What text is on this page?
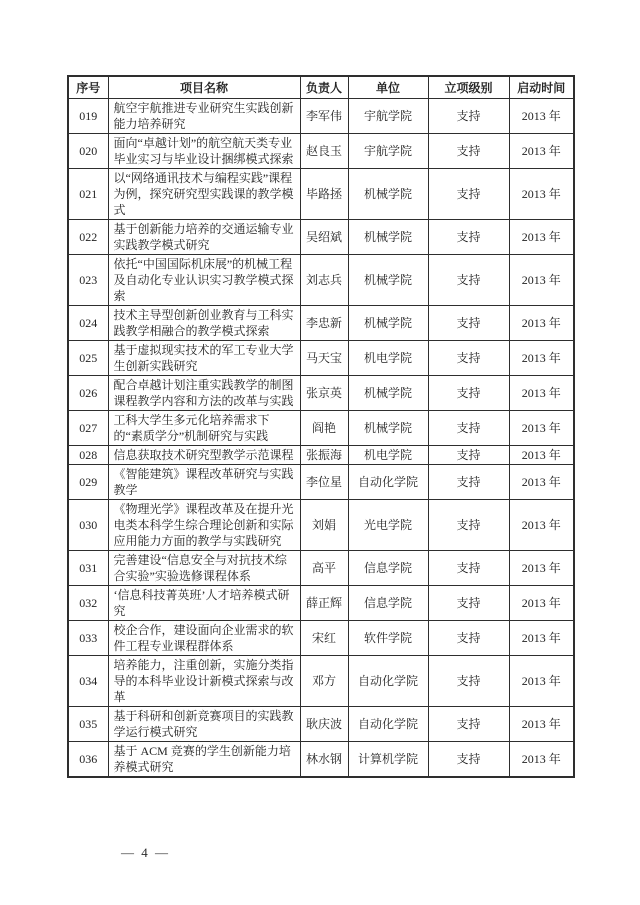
序号	项目名称	负责人	单位	立项级别	启动时间
019	航空宇航推进专业研究生实践创新能力培养研究	李军伟	宇航学院	支持	2013 年
020	面向“卓越计划”的航空航天类专业毕业实习与毕业设计捆绑模式探索	赵良玉	宇航学院	支持	2013 年
021	以“网络通讯技术与编程实践”课程为例，探究研究型实践课的教学模式	毕路拯	机械学院	支持	2013 年
022	基于创新能力培养的交通运输专业实践教学模式研究	吴绍斌	机械学院	支持	2013 年
023	依托“中国国际机床展”的机械工程及自动化专业认识实习教学模式探索	刘志兵	机械学院	支持	2013 年
024	技术主导型创新创业教育与工科实践教学相融合的教学模式探索	李忠新	机械学院	支持	2013 年
025	基于虚拟现实技术的军工专业大学生创新实践研究	马天宝	机电学院	支持	2013 年
026	配合卓越计划注重实践教学的制图课程教学内容和方法的改革与实践	张京英	机械学院	支持	2013 年
027	工科大学生多元化培养需求下的“素质学分”机制研究与实践	阎艳	机械学院	支持	2013 年
028	信息获取技术研究型教学示范课程	张振海	机电学院	支持	2013 年
029	《智能建筑》课程改革研究与实践教学	李位星	自动化学院	支持	2013 年
030	《物理光学》课程改革及在提升光电类本科学生综合理论创新和实际应用能力方面的教学与实践研究	刘娟	光电学院	支持	2013 年
031	完善建设“信息安全与对抗技术综合实验”实验选修课程体系	高平	信息学院	支持	2013 年
032	‘信息科技菁英班’人才培养模式研究	薛正辉	信息学院	支持	2013 年
033	校企合作，建设面向企业需求的软件工程专业课程群体系	宋红	软件学院	支持	2013 年
034	培养能力，注重创新，实施分类指导的本科毕业设计新模式探索与改革	邓方	自动化学院	支持	2013 年
035	基于科研和创新竞赛项目的实践教学运行模式研究	耿庆波	自动化学院	支持	2013 年
036	基于 ACM 竞赛的学生创新能力培养模式研究	林水钢	计算机学院	支持	2013 年
— 4 —
